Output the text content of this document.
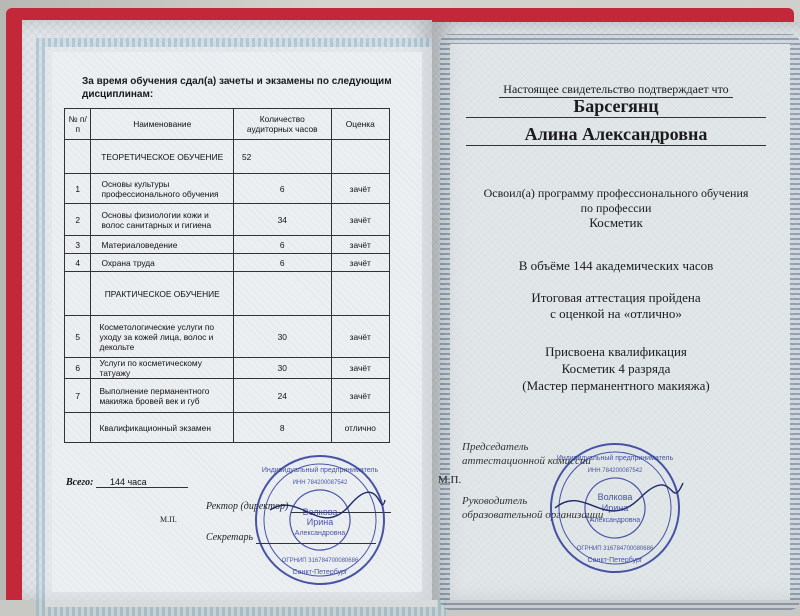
За время обучения сдал(а) зачеты и экзамены по следующим дисциплинам:
№ п/п	Наименование	Количество аудиторных часов	Оценка
	ТЕОРЕТИЧЕСКОЕ ОБУЧЕНИЕ	52	
1	Основы культуры профессионального обучения	6	зачёт
2	Основы физиологии кожи и волос санитарных и гигиена	34	зачёт
3	Материаловедение	6	зачёт
4	Охрана труда	6	зачёт
	ПРАКТИЧЕСКОЕ ОБУЧЕНИЕ		
5	Косметологические услуги по уходу за кожей лица, волос и декольте	30	зачёт
6	Услуги по косметическому татуажу	30	зачёт
7	Выполнение перманентного макияжа бровей век и губ	24	зачёт
	Квалификационный экзамен	8	отлично
Всего: 144 часа
Ректор (директор)
М.П.
Секретарь
Настоящее свидетельство подтверждает что
Барсегянц
Алина Александровна
Освоил(а) программу профессионального обучения
по профессии
Косметик
В объёме 144 академических часов
Итоговая аттестация пройдена
с оценкой на «отлично»
Присвоена квалификация
Косметик 4 разряда
(Мастер перманентного макияжа)
Председатель
аттестационной комиссии
М.П.
Руководитель
образовательной организации
Волкова
Ирина
Александровна
Индивидуальный предприниматель
ИНН 784200087542
ОГРНИП 316784700080686
Санкт-Петербург
Волкова
Ирина
Александровна
Индивидуальный предприниматель
ИНН 784200087542
ОГРНИП 316784700080686
Санкт-Петербург
